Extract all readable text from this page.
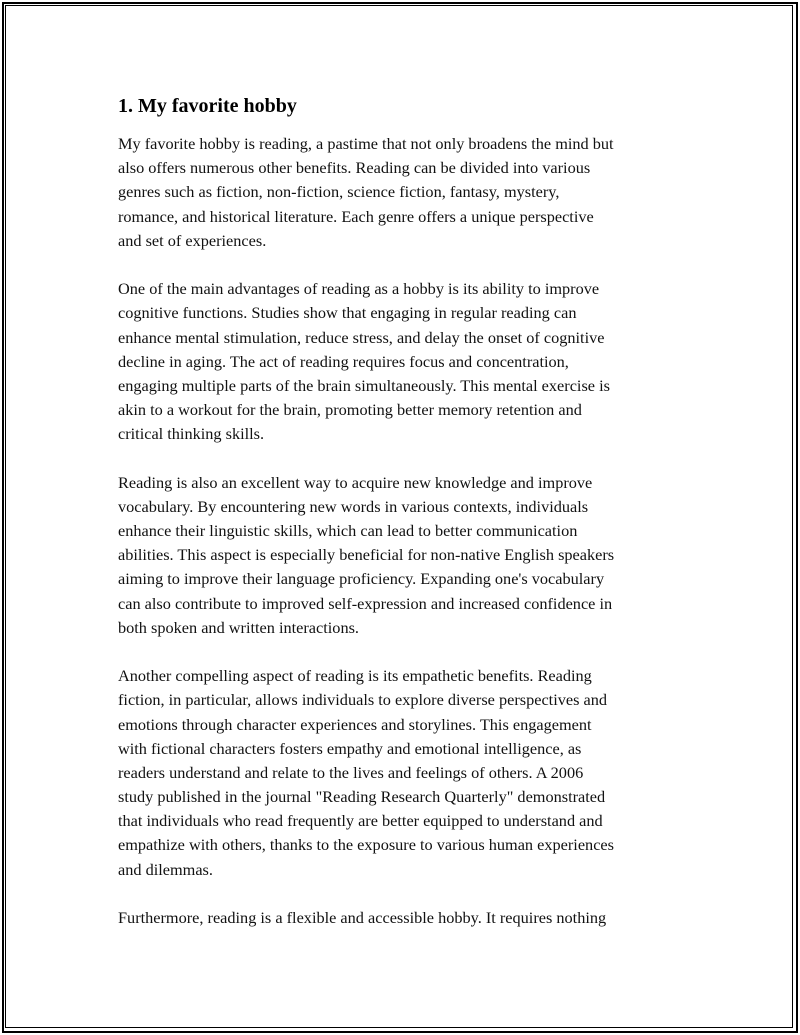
1. My favorite hobby

My favorite hobby is reading, a pastime that not only broadens the mind but
also offers numerous other benefits. Reading can be divided into various
genres such as fiction, non-fiction, science fiction, fantasy, mystery,
romance, and historical literature. Each genre offers a unique perspective
and set of experiences.

One of the main advantages of reading as a hobby is its ability to improve
cognitive functions. Studies show that engaging in regular reading can
enhance mental stimulation, reduce stress, and delay the onset of cognitive
decline in aging. The act of reading requires focus and concentration,
engaging multiple parts of the brain simultaneously. This mental exercise is
akin to a workout for the brain, promoting better memory retention and
critical thinking skills.

Reading is also an excellent way to acquire new knowledge and improve
vocabulary. By encountering new words in various contexts, individuals
enhance their linguistic skills, which can lead to better communication
abilities. This aspect is especially beneficial for non-native English speakers
aiming to improve their language proficiency. Expanding one's vocabulary
can also contribute to improved self-expression and increased confidence in
both spoken and written interactions.

Another compelling aspect of reading is its empathetic benefits. Reading
fiction, in particular, allows individuals to explore diverse perspectives and
emotions through character experiences and storylines. This engagement
with fictional characters fosters empathy and emotional intelligence, as
readers understand and relate to the lives and feelings of others. A 2006
study published in the journal "Reading Research Quarterly" demonstrated
that individuals who read frequently are better equipped to understand and
empathize with others, thanks to the exposure to various human experiences
and dilemmas.

Furthermore, reading is a flexible and accessible hobby. It requires nothing
